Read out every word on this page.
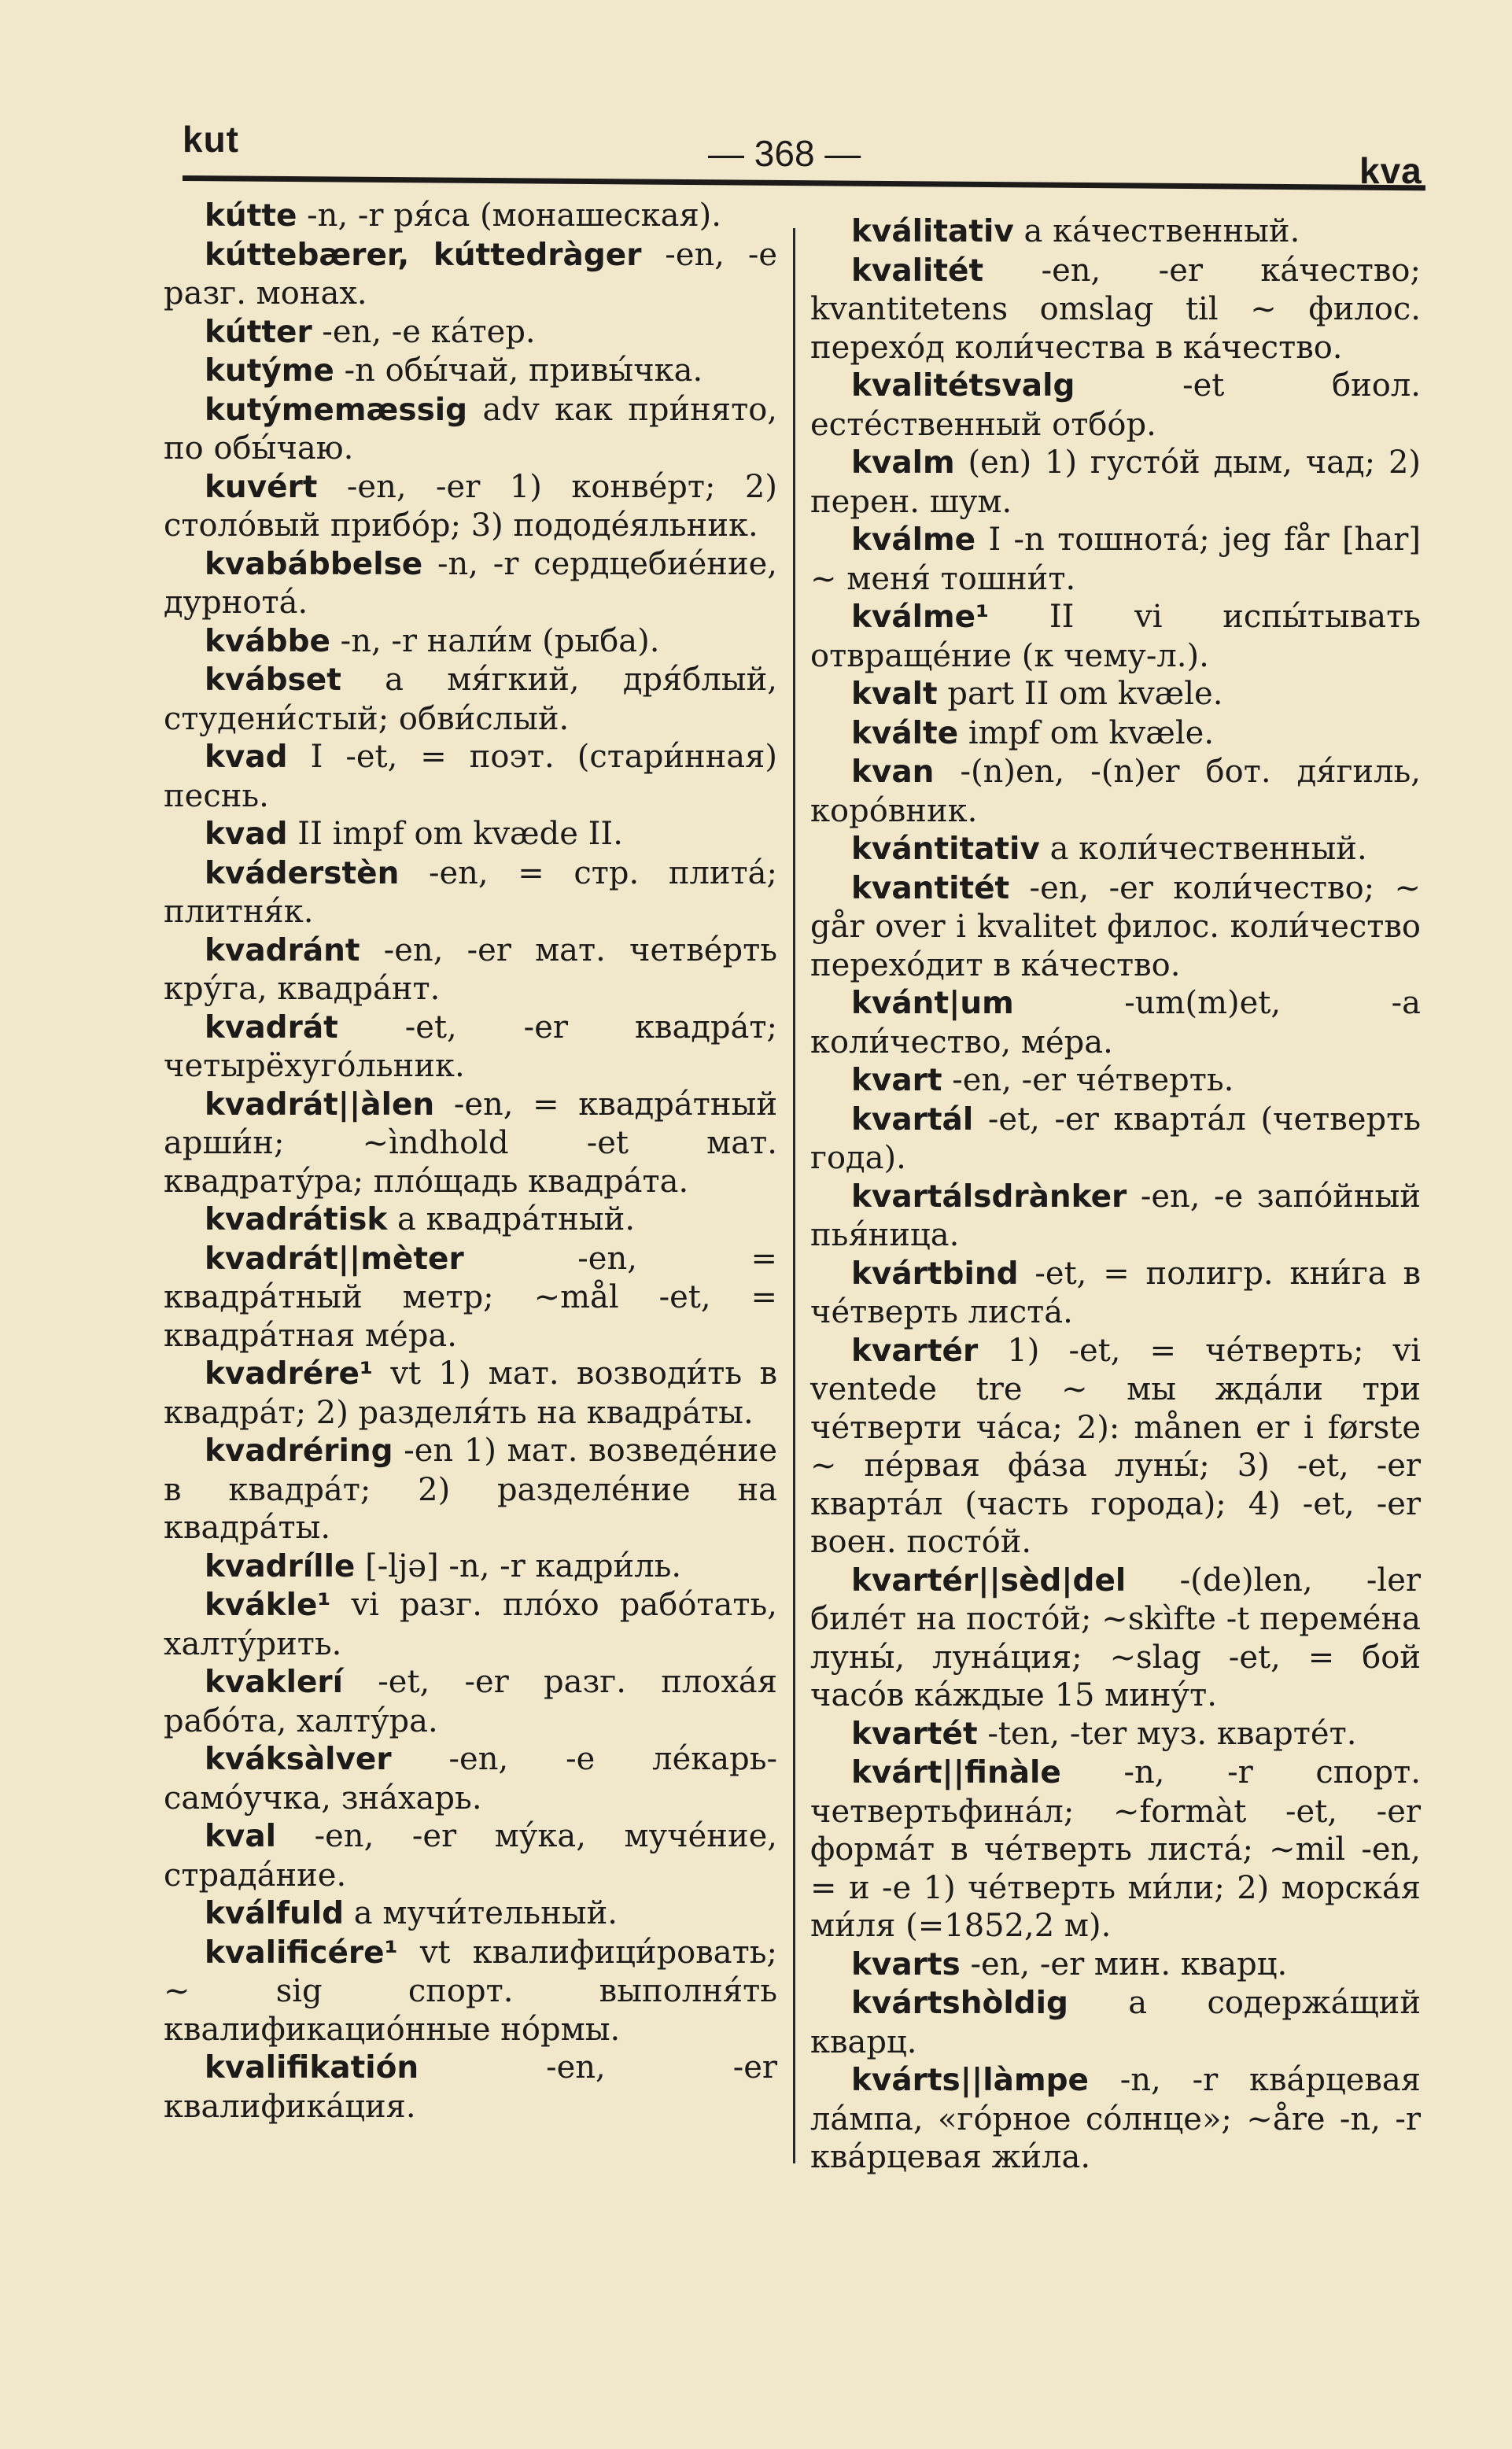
kut	— 368 —	kva

kútte -n, -r ря́са (монашеская).

kúttebærer, kúttedràger -en, -e разг. монах.

kútter -en, -e ка́тер.

kutýme -n обы́чай, привы́чка.

kutýmemæssig adv как при́нято, по обы́чаю.

kuvért -en, -er 1) конве́рт; 2) столо́вый прибо́р; 3) пододе́яльник.

kvabábbelse -n, -r сердцебие́ние, дурнота́.

kvábbe -n, -r нали́м (рыба).

kvábset a мя́гкий, дря́блый, студени́стый; обви́слый.

kvad I -et, = поэт. (стари́нная) песнь.

kvad II impf om kvæde II.

kváderstèn -en, = стр. плита́; плитня́к.

kvadránt -en, -er мат. четве́рть кру́га, квадра́нт.

kvadrát -et, -er квадра́т; четырёхуго́льник.

kvadrát||àlen -en, = квадра́тный арши́н; ~ìndhold -et мат. квадрату́ра; пло́щадь квадра́та.

kvadrátisk a квадра́тный.

kvadrát||mèter -en, = квадра́тный метр; ~mål -et, = квадра́тная ме́ра.

kvadrére¹ vt 1) мат. возводи́ть в квадра́т; 2) разделя́ть на квадра́ты.

kvadréring -en 1) мат. возведе́ние в квадра́т; 2) разделе́ние на квадра́ты.

kvadrílle [-ljə] -n, -r кадри́ль.

kvákle¹ vi разг. пло́хо рабо́тать, халту́рить.

kvaklerí -et, -er разг. плоха́я рабо́та, халту́ра.

kváksàlver -en, -e ле́карь-само́учка, зна́харь.

kval -en, -er му́ка, муче́ние, страда́ние.

kválfuld a мучи́тельный.

kvalificére¹ vt квалифици́ровать; ~ sig спорт. выполня́ть квалификацио́нные но́рмы.

kvalifikatión -en, -er квалифика́ция.

kválitativ a ка́чественный.

kvalitét -en, -er ка́чество; kvantitetens omslag til ~ филос. перехо́д коли́чества в ка́чество.

kvalitétsvalg -et биол. есте́ственный отбо́р.

kvalm (en) 1) густо́й дым, чад; 2) перен. шум.

kválme I -n тошнота́; jeg får [har] ~ меня́ тошни́т.

kválme¹ II vi испы́тывать отвраще́ние (к чему-л.).

kvalt part II om kvæle.

kválte impf om kvæle.

kvan -(n)en, -(n)er бот. дя́гиль, коро́вник.

kvántitativ a коли́чественный.

kvantitét -en, -er коли́чество; ~ går over i kvalitet филос. коли́чество перехо́дит в ка́чество.

kvánt|um -um(m)et, -a коли́чество, ме́ра.

kvart -en, -er че́тверть.

kvartál -et, -er кварта́л (четверть года).

kvartálsdrànker -en, -e запо́йный пья́ница.

kvártbind -et, = полигр. кни́га в че́тверть листа́.

kvartér 1) -et, = че́тверть; vi ventede tre ~ мы жда́ли три че́тверти ча́са; 2): månen er i første ~ пе́рвая фа́за луны́; 3) -et, -er кварта́л (часть города); 4) -et, -er воен. посто́й.

kvartér||sèd|del -(de)len, -ler биле́т на посто́й; ~skìfte -t переме́на луны́, луна́ция; ~slag -et, = бой часо́в ка́ждые 15 мину́т.

kvartét -ten, -ter муз. кварте́т.

kvárt||finàle -n, -r спорт. четвертьфина́л; ~formàt -et, -er форма́т в че́тверть листа́; ~mil -en, = и -e 1) че́тверть ми́ли; 2) морска́я ми́ля (=1852,2 м).

kvarts -en, -er мин. кварц.

kvártshòldig a содержа́щий кварц.

kvárts||làmpe -n, -r ква́рцевая ла́мпа, «го́рное со́лнце»; ~åre -n, -r ква́рцевая жи́ла.
